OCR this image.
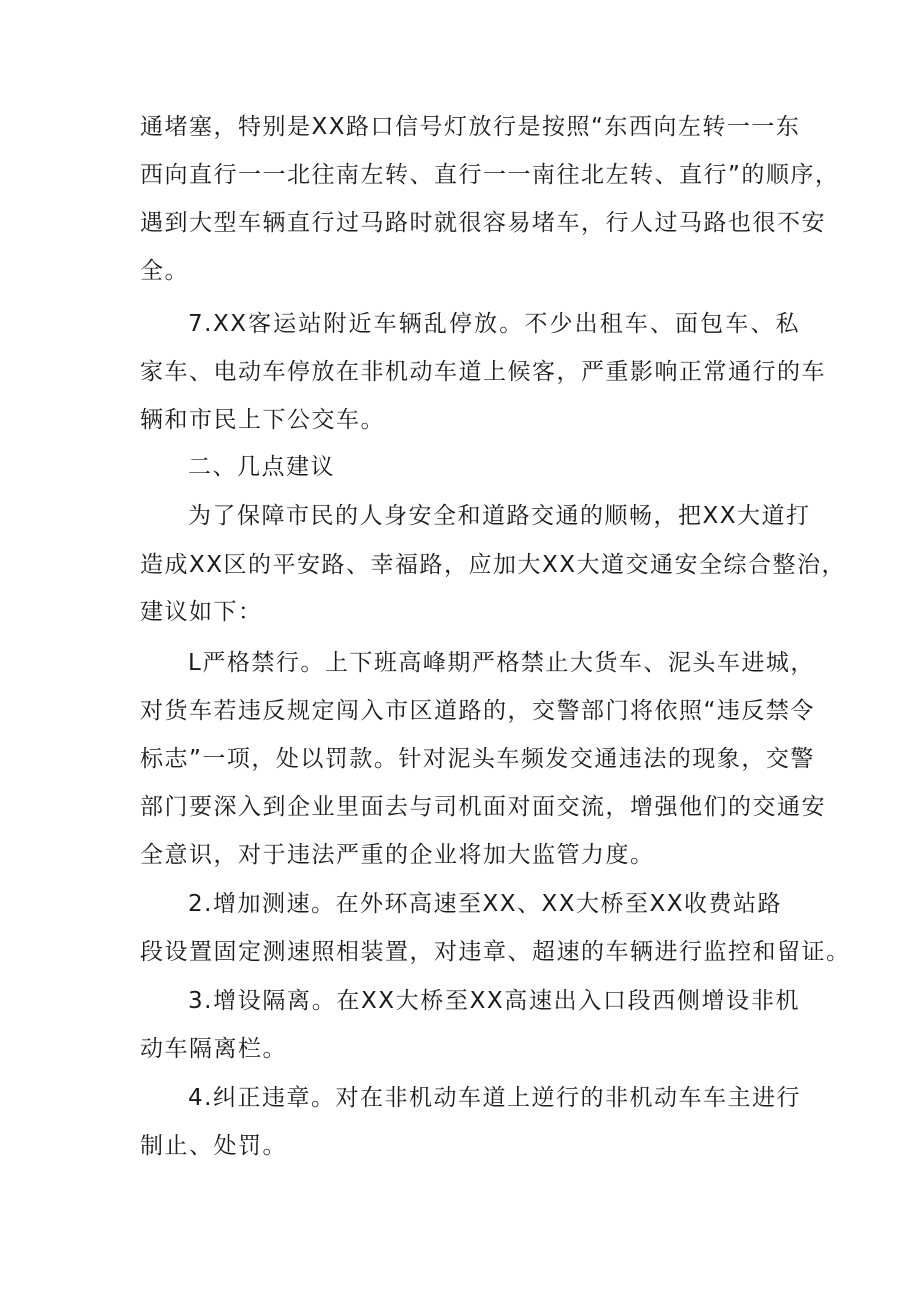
通堵塞，特别是XX路口信号灯放行是按照“东西向左转一一东
西向直行一一北往南左转、直行一一南往北左转、直行”的顺序，
遇到大型车辆直行过马路时就很容易堵车，行人过马路也很不安
全。
7.XX客运站附近车辆乱停放。不少出租车、面包车、私
家车、电动车停放在非机动车道上候客，严重影响正常通行的车
辆和市民上下公交车。
二、几点建议
为了保障市民的人身安全和道路交通的顺畅，把XX大道打
造成XX区的平安路、幸福路，应加大XX大道交通安全综合整治，
建议如下：
L严格禁行。上下班高峰期严格禁止大货车、泥头车进城，
对货车若违反规定闯入市区道路的，交警部门将依照“违反禁令
标志”一项，处以罚款。针对泥头车频发交通违法的现象，交警
部门要深入到企业里面去与司机面对面交流，增强他们的交通安
全意识，对于违法严重的企业将加大监管力度。
2.增加测速。在外环高速至XX、XX大桥至XX收费站路
段设置固定测速照相装置，对违章、超速的车辆进行监控和留证。
3.增设隔离。在XX大桥至XX高速出入口段西侧增设非机
动车隔离栏。
4.纠正违章。对在非机动车道上逆行的非机动车车主进行
制止、处罚。
